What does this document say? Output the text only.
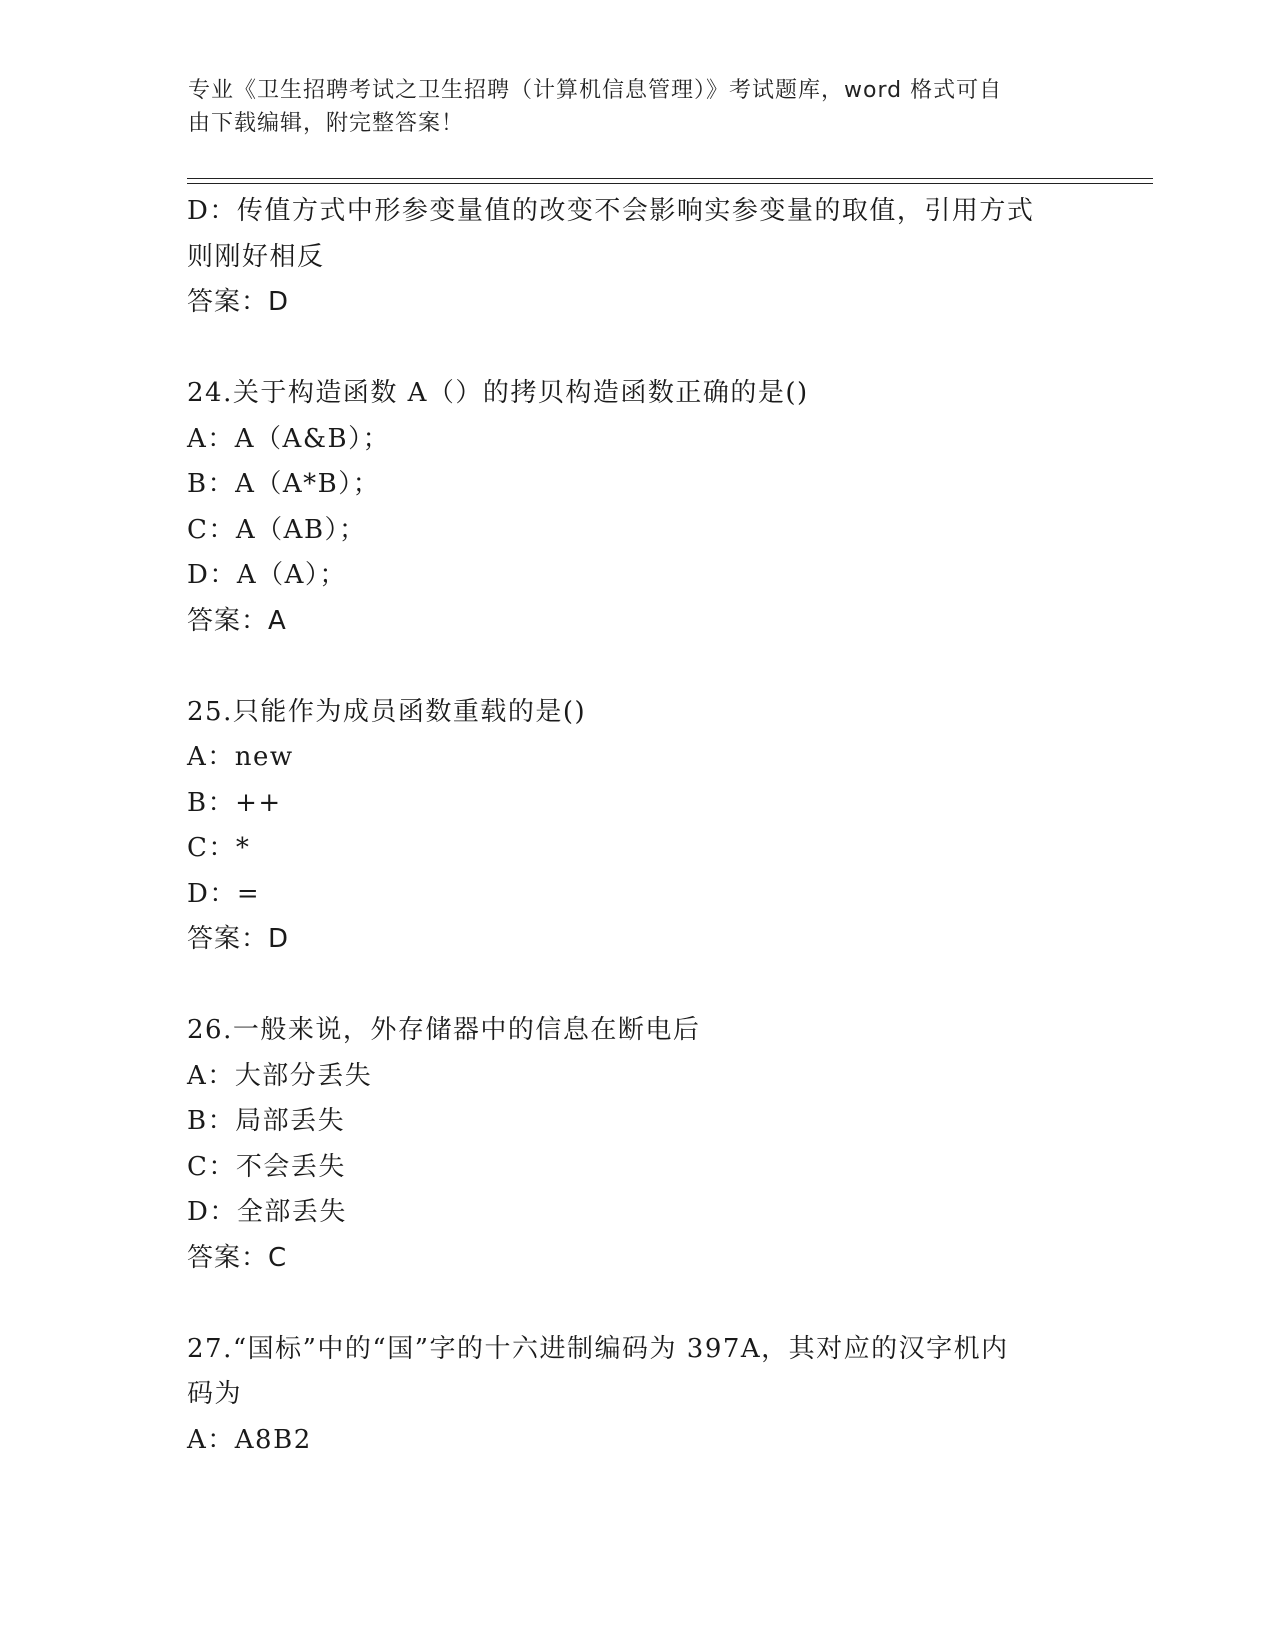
专业《卫生招聘考试之卫生招聘（计算机信息管理）》考试题库，word 格式可自
由下载编辑，附完整答案！
D：传值方式中形参变量值的改变不会影响实参变量的取值，引用方式
则刚好相反
答案：D
24.关于构造函数 A（）的拷贝构造函数正确的是()
A：A（A&B）；
B：A（A*B）；
C：A（AB）；
D：A（A）；
答案：A
25.只能作为成员函数重载的是()
A：new
B：++
C：*
D：=
答案：D
26.一般来说，外存储器中的信息在断电后
A：大部分丢失
B：局部丢失
C：不会丢失
D：全部丢失
答案：C
27.“国标”中的“国”字的十六进制编码为 397A，其对应的汉字机内
码为
A：A8B2
